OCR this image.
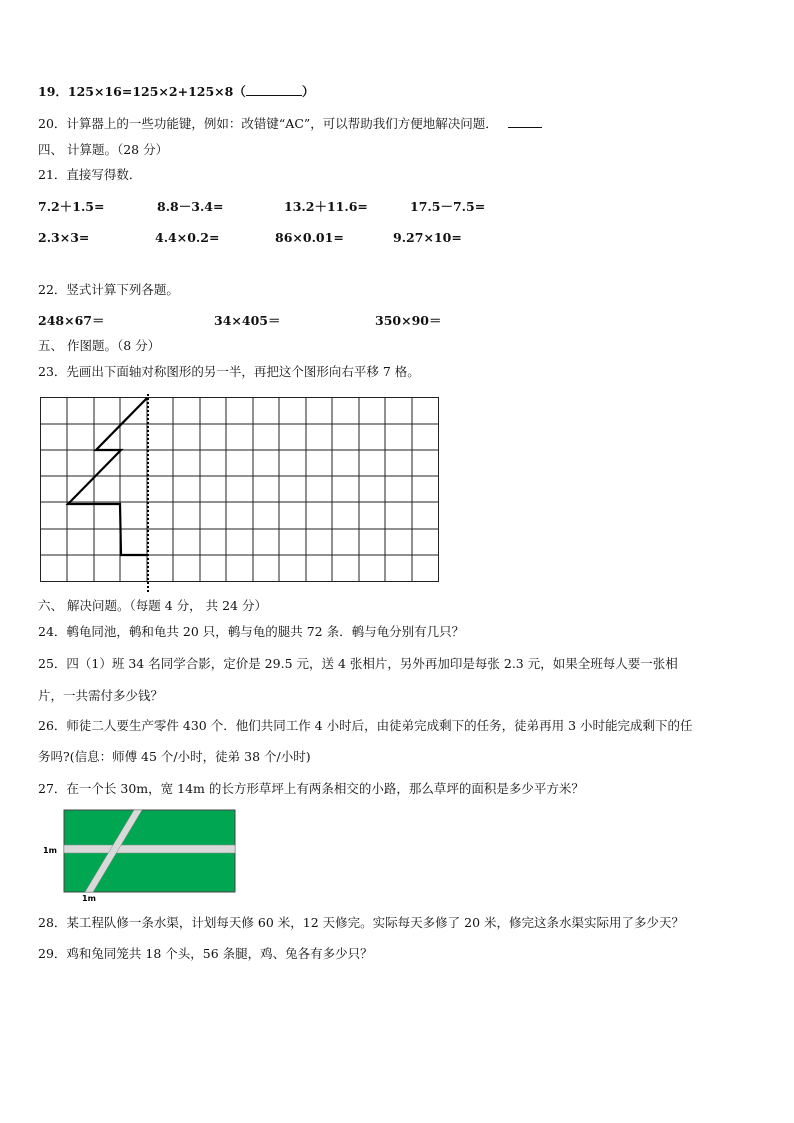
19．125×16=125×2+125×8（	）
20．计算器上的一些功能键，例如：改错键“AC”，可以帮助我们方便地解决问题．
四、 计算题。（28 分）
21．直接写得数．
7.2＋1.5=	8.8－3.4=	13.2＋11.6=	17.5－7.5=
2.3×3=	4.4×0.2=	86×0.01=	9.27×10=
22．竖式计算下列各题。
248×67＝	34×405＝	350×90＝
五、 作图题。（8 分）
23．先画出下面轴对称图形的另一半，再把这个图形向右平移 7 格。
六、 解决问题。（每题 4 分， 共 24 分）
24．鹌龟同池，鹌和龟共 20 只，鹌与龟的腿共 72 条．鹌与龟分别有几只？
25．四（1）班 34 名同学合影，定价是 29.5 元，送 4 张相片，另外再加印是每张 2.3 元，如果全班每人要一张相
片，一共需付多少钱？
26．师徒二人要生产零件 430 个．他们共同工作 4 小时后，由徒弟完成剩下的任务，徒弟再用 3 小时能完成剩下的任
务吗?(信息：师傅 45 个/小时，徒弟 38 个/小时)
27．在一个长 30m，宽 14m 的长方形草坪上有两条相交的小路，那么草坪的面积是多少平方米？
1m
1m
28．某工程队修一条水渠，计划每天修 60 米，12 天修完。实际每天多修了 20 米，修完这条水渠实际用了多少天？
29．鸡和兔同笼共 18 个头，56 条腿，鸡、兔各有多少只？
